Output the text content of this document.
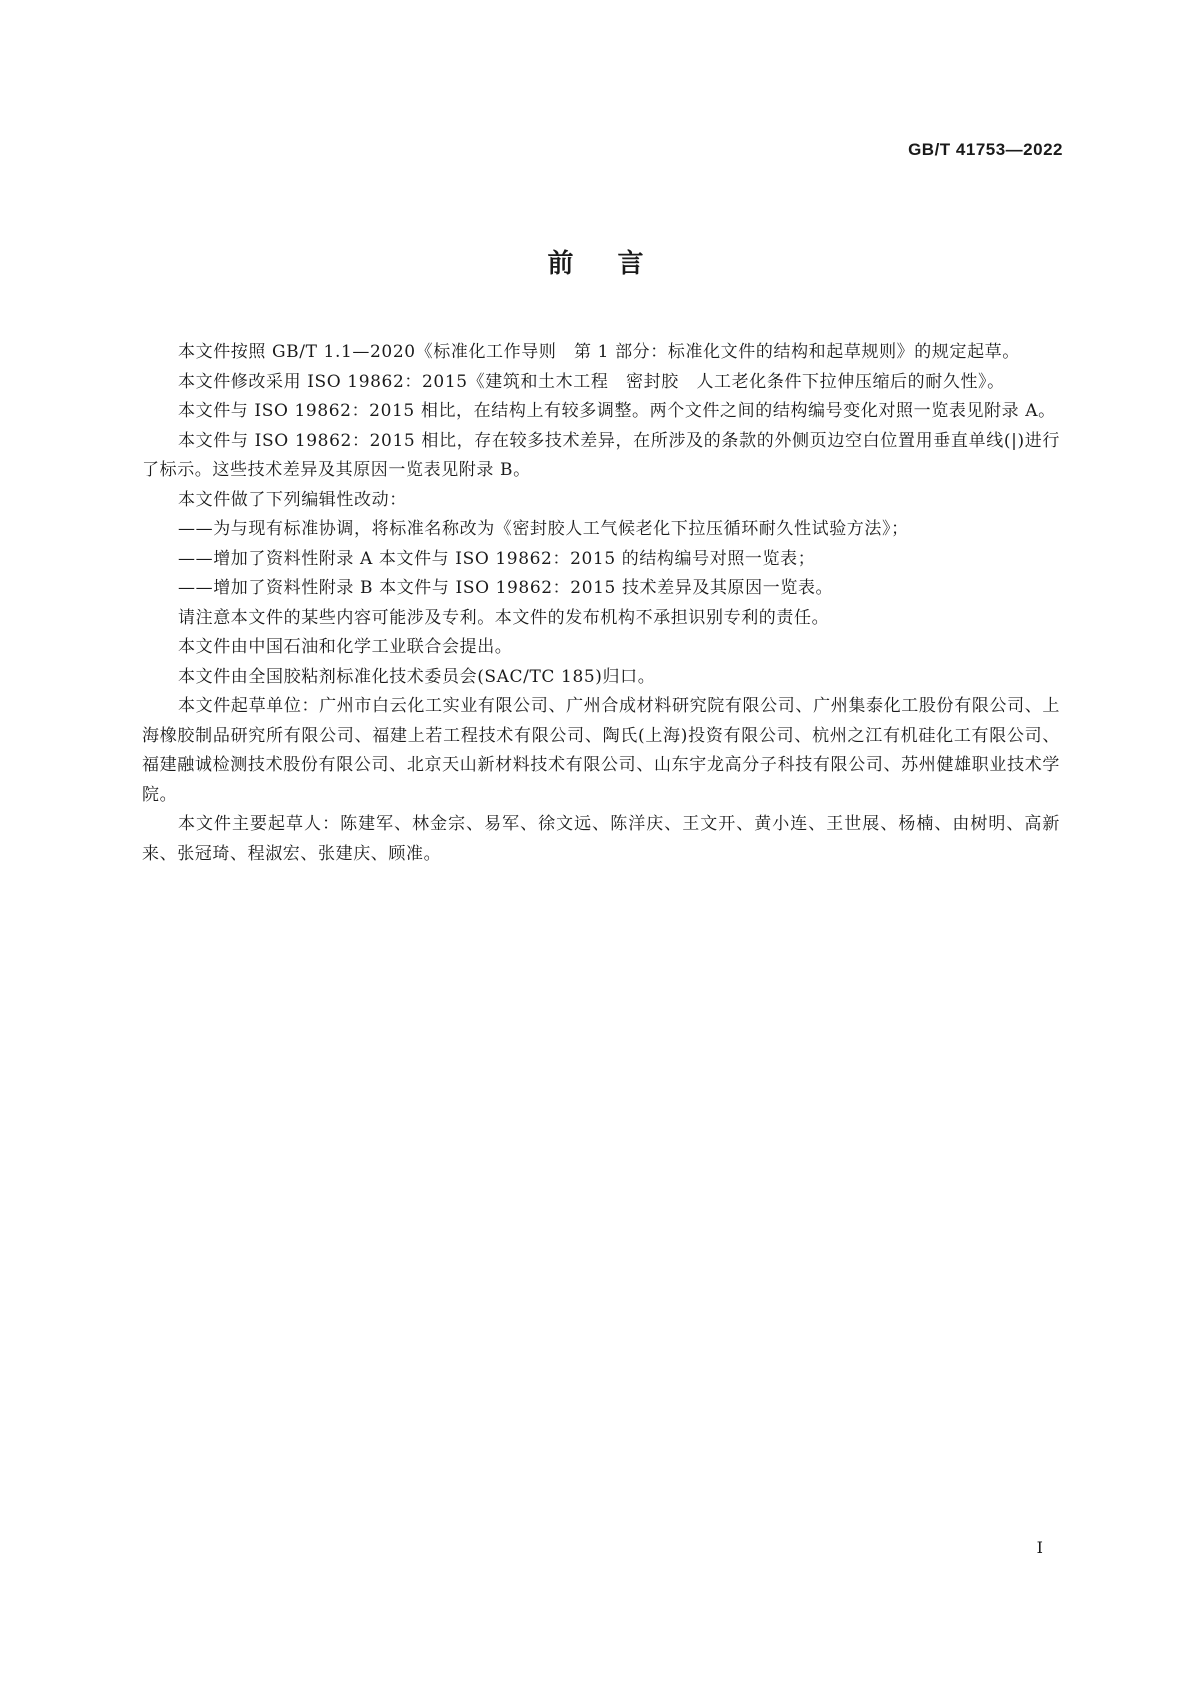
GB/T 41753—2022
前言

本文件按照 GB/T 1.1—2020《标准化工作导则　第 1 部分：标准化文件的结构和起草规则》的规定起草。

本文件修改采用 ISO 19862：2015《建筑和土木工程　密封胶　人工老化条件下拉伸压缩后的耐久性》。

本文件与 ISO 19862：2015 相比，在结构上有较多调整。两个文件之间的结构编号变化对照一览表见附录 A。

本文件与 ISO 19862：2015 相比，存在较多技术差异，在所涉及的条款的外侧页边空白位置用垂直单线(|)进行了标示。这些技术差异及其原因一览表见附录 B。

本文件做了下列编辑性改动：

——为与现有标准协调，将标准名称改为《密封胶人工气候老化下拉压循环耐久性试验方法》；

——增加了资料性附录 A 本文件与 ISO 19862：2015 的结构编号对照一览表；

——增加了资料性附录 B 本文件与 ISO 19862：2015 技术差异及其原因一览表。

请注意本文件的某些内容可能涉及专利。本文件的发布机构不承担识别专利的责任。

本文件由中国石油和化学工业联合会提出。

本文件由全国胶粘剂标准化技术委员会(SAC/TC 185)归口。

本文件起草单位：广州市白云化工实业有限公司、广州合成材料研究院有限公司、广州集泰化工股份有限公司、上海橡胶制品研究所有限公司、福建上若工程技术有限公司、陶氏(上海)投资有限公司、杭州之江有机硅化工有限公司、福建融诚检测技术股份有限公司、北京天山新材料技术有限公司、山东宇龙高分子科技有限公司、苏州健雄职业技术学院。

本文件主要起草人：陈建军、林金宗、易军、徐文远、陈洋庆、王文开、黄小连、王世展、杨楠、由树明、高新来、张冠琦、程淑宏、张建庆、顾准。

I
